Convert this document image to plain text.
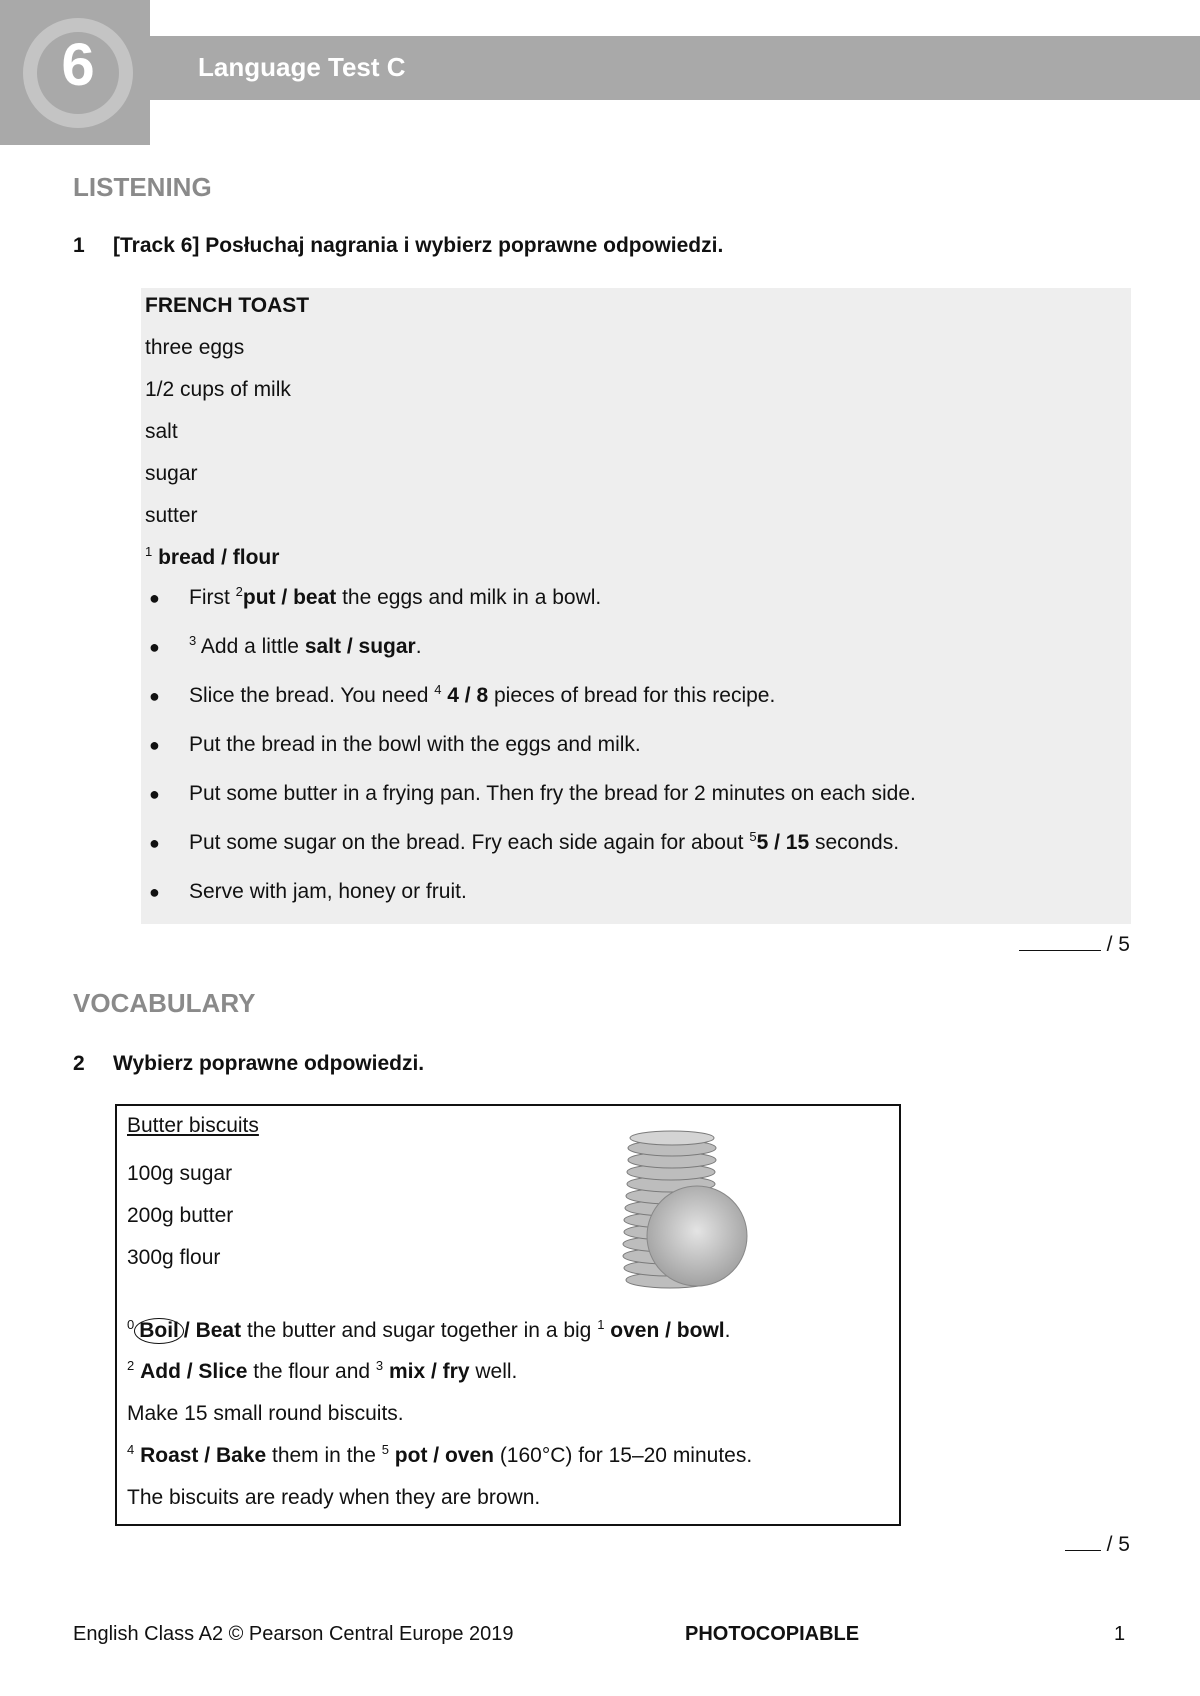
6	Language Test C
LISTENING
1 [Track 6] Posłuchaj nagrania i wybierz poprawne odpowiedzi.
FRENCH TOAST
three eggs
1/2 cups of milk
salt
sugar
sutter
$^1$ bread / flour
● First $^2$put / beat the eggs and milk in a bowl.
● $^3$ Add a little salt / sugar.
● Slice the bread. You need $^4$ 4 / 8 pieces of bread for this recipe.
● Put the bread in the bowl with the eggs and milk.
● Put some butter in a frying pan. Then fry the bread for 2 minutes on each side.
● Put some sugar on the bread. Fry each side again for about $^5$5 / 15 seconds.
● Serve with jam, honey or fruit.
/ 5
VOCABULARY
2 Wybierz poprawne odpowiedzi.
Butter biscuits
100g sugar
200g butter
300g flour
$^0$ Boil / Beat the butter and sugar together in a big $^1$ oven / bowl.
$^2$ Add / Slice the flour and $^3$ mix / fry well.
Make 15 small round biscuits.
$^4$ Roast / Bake them in the $^5$ pot / oven (160°C) for 15–20 minutes.
The biscuits are ready when they are brown.
/ 5
English Class A2 © Pearson Central Europe 2019	PHOTOCOPIABLE	1
